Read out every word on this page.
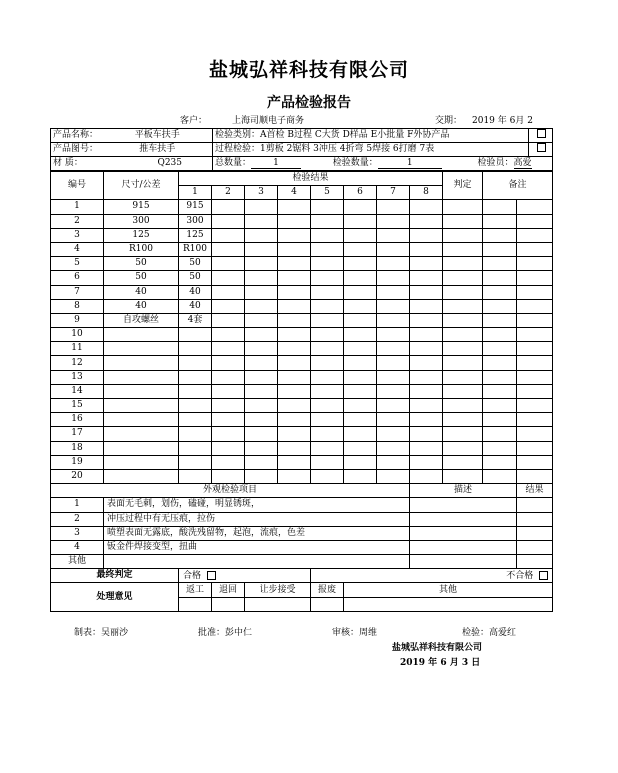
盐城弘祥科技有限公司
产品检验报告
客户：	上海司顺电子商务	交期： 2019 年 6月 2
产品名称：	平板车扶手	检验类别：A首检 B过程 C大货 D样品 E小批量 F外协产品

产品图号：	推车扶手	过程检验：1剪板 2锯料 3冲压 4折弯 5焊接 6打磨 7表

材 质：	Q235	总数量： 1 检验数量： 1 检验员：高爱
编号	尺寸/公差	检验结果								判定	备注	
		1	2	3	4	5	6	7	8			
1	915	915										
2	300	300										
3	125	125										
4	R100	R100										
5	50	50										
6	50	50										
7	40	40										
8	40	40										
9	自攻螺丝	4套										
10												
11												
12												
13												
14												
15												
16												
17												
18												
19												
20												
外观检验项目									描述			结果
1	表面无毛刺，划伤，磕碰，明显锈斑，											
2	冲压过程中有无压痕，拉伤											
3	喷塑表面无露底，酸洗残留物，起泡，流痕，色差											
4	钣金件焊接变型，扭曲											
其他												
最终判定		合格				不合格						
处理意见		返工	退回	让步接受		报废	其他					

制表：吴丽沙	批准：彭中仁	审核：周维	检验：高爱红
盐城弘祥科技有限公司
2019 年 6 月 3 日
